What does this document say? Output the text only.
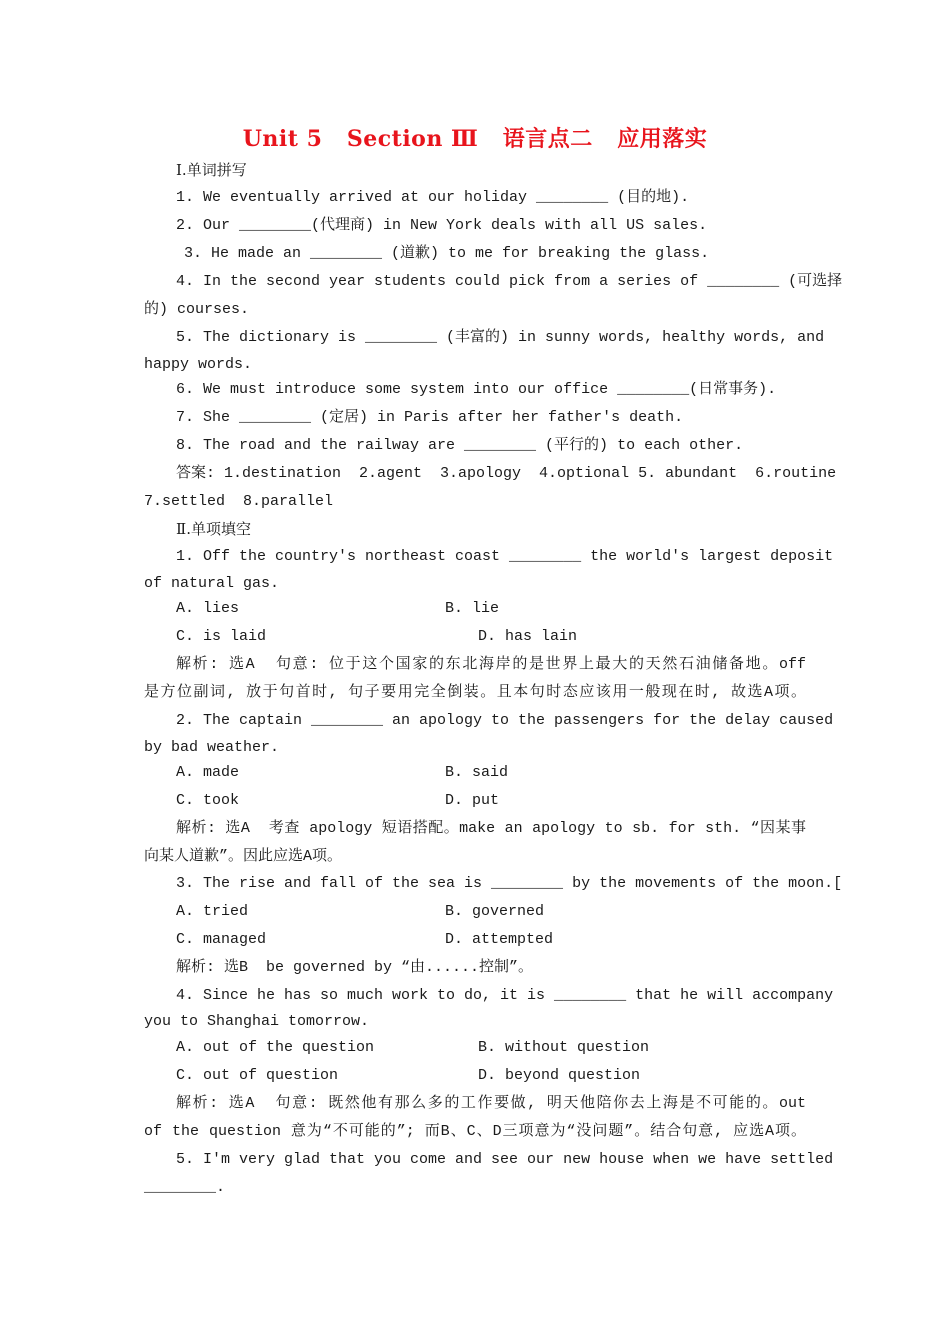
Unit 5   Section Ⅲ   语言点二   应用落实
Ⅰ.单词拼写
1. We eventually arrived at our holiday ________ (目的地).
2. Our ________(代理商) in New York deals with all US sales.
3. He made an ________ (道歉) to me for breaking the glass.
4. In the second year students could pick from a series of ________ (可选择
的) courses.
5. The dictionary is ________ (丰富的) in sunny words, healthy words, and
happy words.
6. We must introduce some system into our office ________(日常事务).
7. She ________ (定居) in Paris after her father's death.
8. The road and the railway are ________ (平行的) to each other.
答案: 1.destination  2.agent  3.apology  4.optional 5. abundant  6.routine
7.settled  8.parallel
Ⅱ.单项填空
1. Off the country's northeast coast ________ the world's largest deposit
of natural gas.
A. lies	B. lie
C. is laid	D. has lain
解析: 选A  句意: 位于这个国家的东北海岸的是世界上最大的天然石油储备地。off
是方位副词, 放于句首时, 句子要用完全倒装。且本句时态应该用一般现在时, 故选A项。
2. The captain ________ an apology to the passengers for the delay caused
by bad weather.
A. made	B. said
C. took	D. put
解析: 选A  考查 apology 短语搭配。make an apology to sb. for sth. “因某事
向某人道歉”。因此应选A项。
3. The rise and fall of the sea is ________ by the movements of the moon.[
A. tried	B. governed
C. managed	D. attempted
解析: 选B  be governed by “由......控制”。
4. Since he has so much work to do, it is ________ that he will accompany
you to Shanghai tomorrow.
A. out of the question	B. without question
C. out of question	D. beyond question
解析: 选A  句意: 既然他有那么多的工作要做, 明天他陪你去上海是不可能的。out
of the question 意为“不可能的”; 而B、C、D三项意为“没问题”。结合句意, 应选A项。
5. I'm very glad that you come and see our new house when we have settled
________.
